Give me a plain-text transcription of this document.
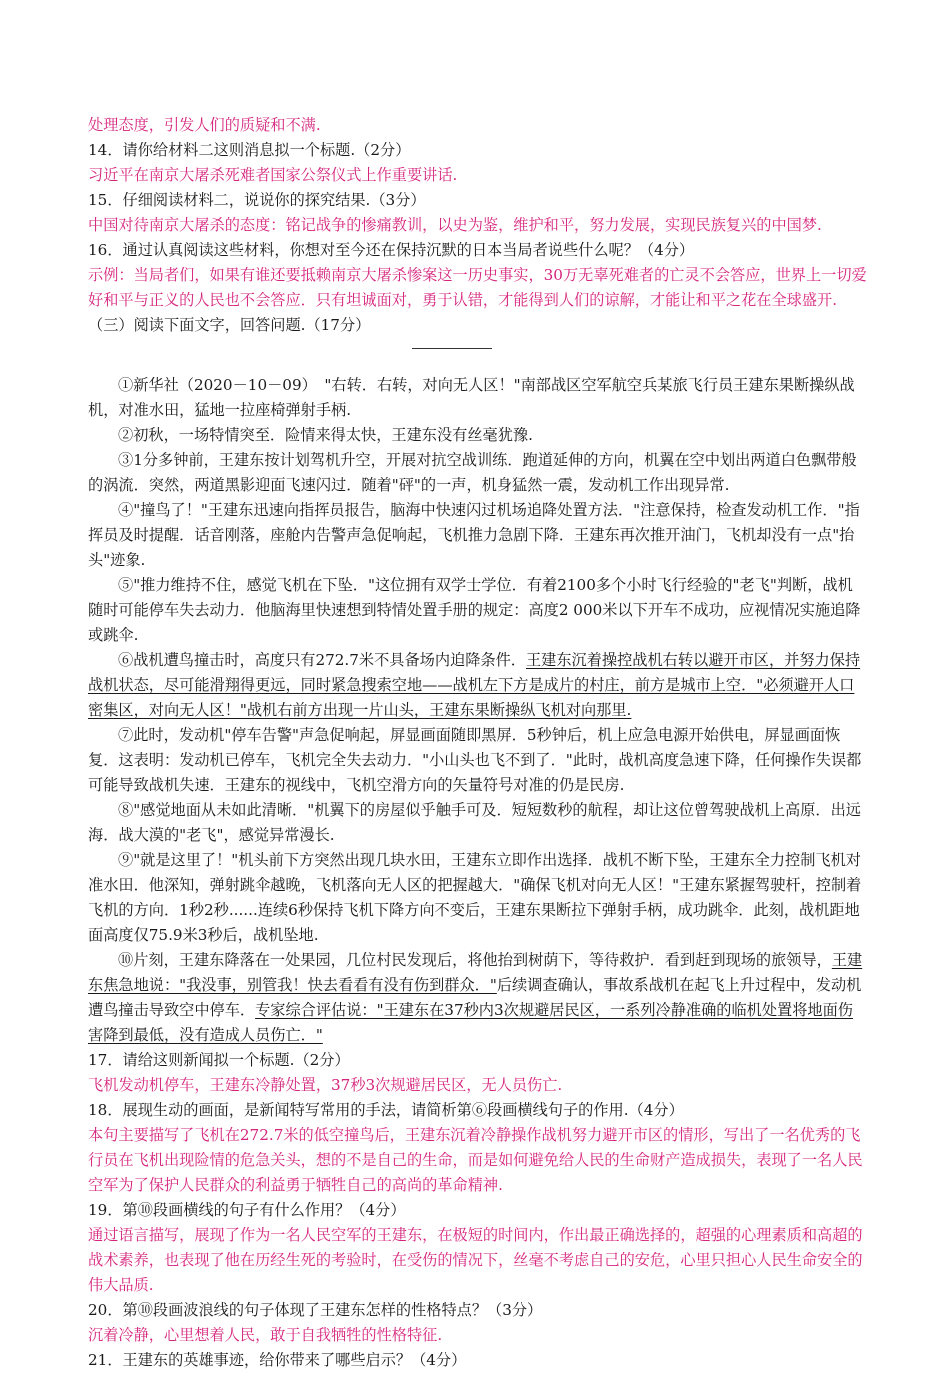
处理态度，引发人们的质疑和不满.

14．请你给材料二这则消息拟一个标题.（2分）

习近平在南京大屠杀死难者国家公祭仪式上作重要讲话.

15．仔细阅读材料二，说说你的探究结果.（3分）

中国对待南京大屠杀的态度：铭记战争的惨痛教训，以史为鉴，维护和平，努力发展，实现民族复兴的中国梦.

16．通过认真阅读这些材料，你想对至今还在保持沉默的日本当局者说些什么呢？（4分）

示例：当局者们，如果有谁还要抵赖南京大屠杀惨案这一历史事实，30万无辜死难者的亡灵不会答应，世界上一切爱好和平与正义的人民也不会答应．只有坦诚面对，勇于认错，才能得到人们的谅解，才能让和平之花在全球盛开.

（三）阅读下面文字，回答问题.（17分）

①新华社（2020－10－09）　"右转．右转，对向无人区！"南部战区空军航空兵某旅飞行员王建东果断操纵战机，对准水田，猛地一拉座椅弹射手柄.

②初秋，一场特情突至．险情来得太快，王建东没有丝毫犹豫.

③1分多钟前，王建东按计划驾机升空，开展对抗空战训练．跑道延伸的方向，机翼在空中划出两道白色飘带般的涡流．突然，两道黑影迎面飞速闪过．随着"砰"的一声，机身猛然一震，发动机工作出现异常.

④"撞鸟了！"王建东迅速向指挥员报告，脑海中快速闪过机场追降处置方法．"注意保持，检查发动机工作．"指挥员及时提醒．话音刚落，座舱内告警声急促响起，飞机推力急剧下降．王建东再次推开油门，飞机却没有一点"抬头"迹象.

⑤"推力维持不住，感觉飞机在下坠．"这位拥有双学士学位．有着2100多个小时飞行经验的"老飞"判断，战机随时可能停车失去动力．他脑海里快速想到特情处置手册的规定：高度2 000米以下开车不成功，应视情况实施追降或跳伞.

⑥战机遭鸟撞击时，高度只有272.7米不具备场内迫降条件．王建东沉着操控战机右转以避开市区，并努力保持战机状态，尽可能滑翔得更远，同时紧急搜索空地——战机左下方是成片的村庄，前方是城市上空．"必须避开人口密集区，对向无人区！"战机右前方出现一片山头，王建东果断操纵飞机对向那里.

⑦此时，发动机"停车告警"声急促响起，屏显画面随即黑屏．5秒钟后，机上应急电源开始供电，屏显画面恢复．这表明：发动机已停车，飞机完全失去动力．"小山头也飞不到了．"此时，战机高度急速下降，任何操作失误都可能导致战机失速．王建东的视线中，飞机空滑方向的矢量符号对准的仍是民房.

⑧"感觉地面从未如此清晰．"机翼下的房屋似乎触手可及．短短数秒的航程，却让这位曾驾驶战机上高原．出远海．战大漠的"老飞"，感觉异常漫长.

⑨"就是这里了！"机头前下方突然出现几块水田，王建东立即作出选择．战机不断下坠，王建东全力控制飞机对准水田．他深知，弹射跳伞越晚，飞机落向无人区的把握越大．"确保飞机对向无人区！"王建东紧握驾驶杆，控制着飞机的方向．1秒2秒......连续6秒保持飞机下降方向不变后，王建东果断拉下弹射手柄，成功跳伞．此刻，战机距地面高度仅75.9米3秒后，战机坠地.

⑩片刻，王建东降落在一处果园，几位村民发现后，将他抬到树荫下，等待救护．看到赶到现场的旅领导，王建东焦急地说："我没事，别管我！快去看看有没有伤到群众．"后续调查确认，事故系战机在起飞上升过程中，发动机遭鸟撞击导致空中停车．专家综合评估说："王建东在37秒内3次规避居民区，一系列冷静准确的临机处置将地面伤害降到最低，没有造成人员伤亡．"

17．请给这则新闻拟一个标题.（2分）

飞机发动机停车，王建东冷静处置，37秒3次规避居民区，无人员伤亡.

18．展现生动的画面，是新闻特写常用的手法，请简析第⑥段画横线句子的作用.（4分）

本句主要描写了飞机在272.7米的低空撞鸟后，王建东沉着冷静操作战机努力避开市区的情形，写出了一名优秀的飞行员在飞机出现险情的危急关头，想的不是自己的生命，而是如何避免给人民的生命财产造成损失，表现了一名人民空军为了保护人民群众的利益勇于牺牲自己的高尚的革命精神.

19．第⑩段画横线的句子有什么作用？（4分）

通过语言描写，展现了作为一名人民空军的王建东，在极短的时间内，作出最正确选择的，超强的心理素质和高超的战术素养，也表现了他在历经生死的考验时，在受伤的情况下，丝毫不考虑自己的安危，心里只担心人民生命安全的伟大品质.

20．第⑩段画波浪线的句子体现了王建东怎样的性格特点？（3分）

沉着冷静，心里想着人民，敢于自我牺牲的性格特征.

21．王建东的英雄事迹，给你带来了哪些启示？（4分）
